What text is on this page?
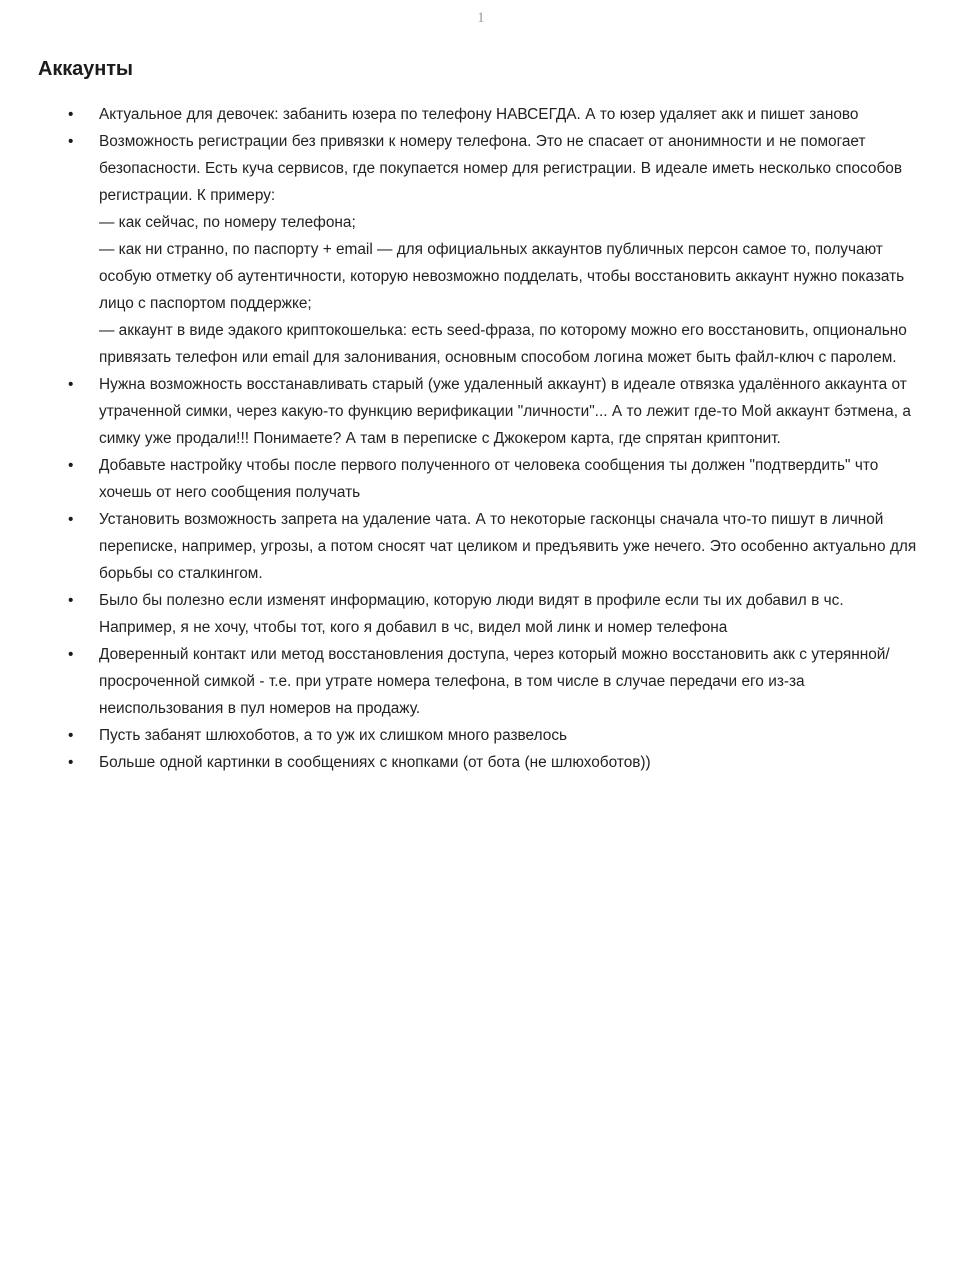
1
Аккаунты
•	Актуальное для девочек: забанить юзера по телефону НАВСЕГДА. А то юзер удаляет акк и пишет заново
•	Возможность регистрации без привязки к номеру телефона. Это не спасает от анонимности и не помогает безопасности. Есть куча сервисов, где покупается номер для регистрации. В идеале иметь несколько способов регистрации. К примеру:
— как сейчас, по номеру телефона;
— как ни странно, по паспорту + email — для официальных аккаунтов публичных персон самое то, получают особую отметку об аутентичности, которую невозможно подделать, чтобы восстановить аккаунт нужно показать лицо с паспортом поддержке;
— аккаунт в виде эдакого криптокошелька: есть seed-фраза, по которому можно его восстановить, опционально привязать телефон или email для залонивания, основным способом логина может быть файл-ключ с паролем.
•	Нужна возможность восстанавливать старый (уже удаленный аккаунт) в идеале отвязка удалённого аккаунта от утраченной симки, через какую-то функцию верификации "личности"... А то лежит где-то Мой аккаунт бэтмена, а симку уже продали!!! Понимаете? А там в переписке с Джокером карта, где спрятан криптонит.
•	Добавьте настройку чтобы после первого полученного от человека сообщения ты должен "подтвердить" что хочешь от него сообщения получать
•	Установить возможность запрета на удаление чата. А то некоторые гасконцы сначала что-то пишут в личной переписке, например, угрозы, а потом сносят чат целиком и предъявить уже нечего. Это особенно актуально для борьбы со сталкингом.
•	Было бы полезно если изменят информацию, которую люди видят в профиле если ты их добавил в чс. Например, я не хочу, чтобы тот, кого я добавил в чс, видел мой линк и номер телефона
•	Доверенный контакт или метод восстановления доступа, через который можно восстановить акк с утерянной/просроченной симкой - т.е. при утрате номера телефона, в том числе в случае передачи его из-за неиспользования в пул номеров на продажу.
•	Пусть забанят шлюхоботов, а то уж их слишком много развелось
•	Больше одной картинки в сообщениях с кнопками (от бота (не шлюхоботов))
